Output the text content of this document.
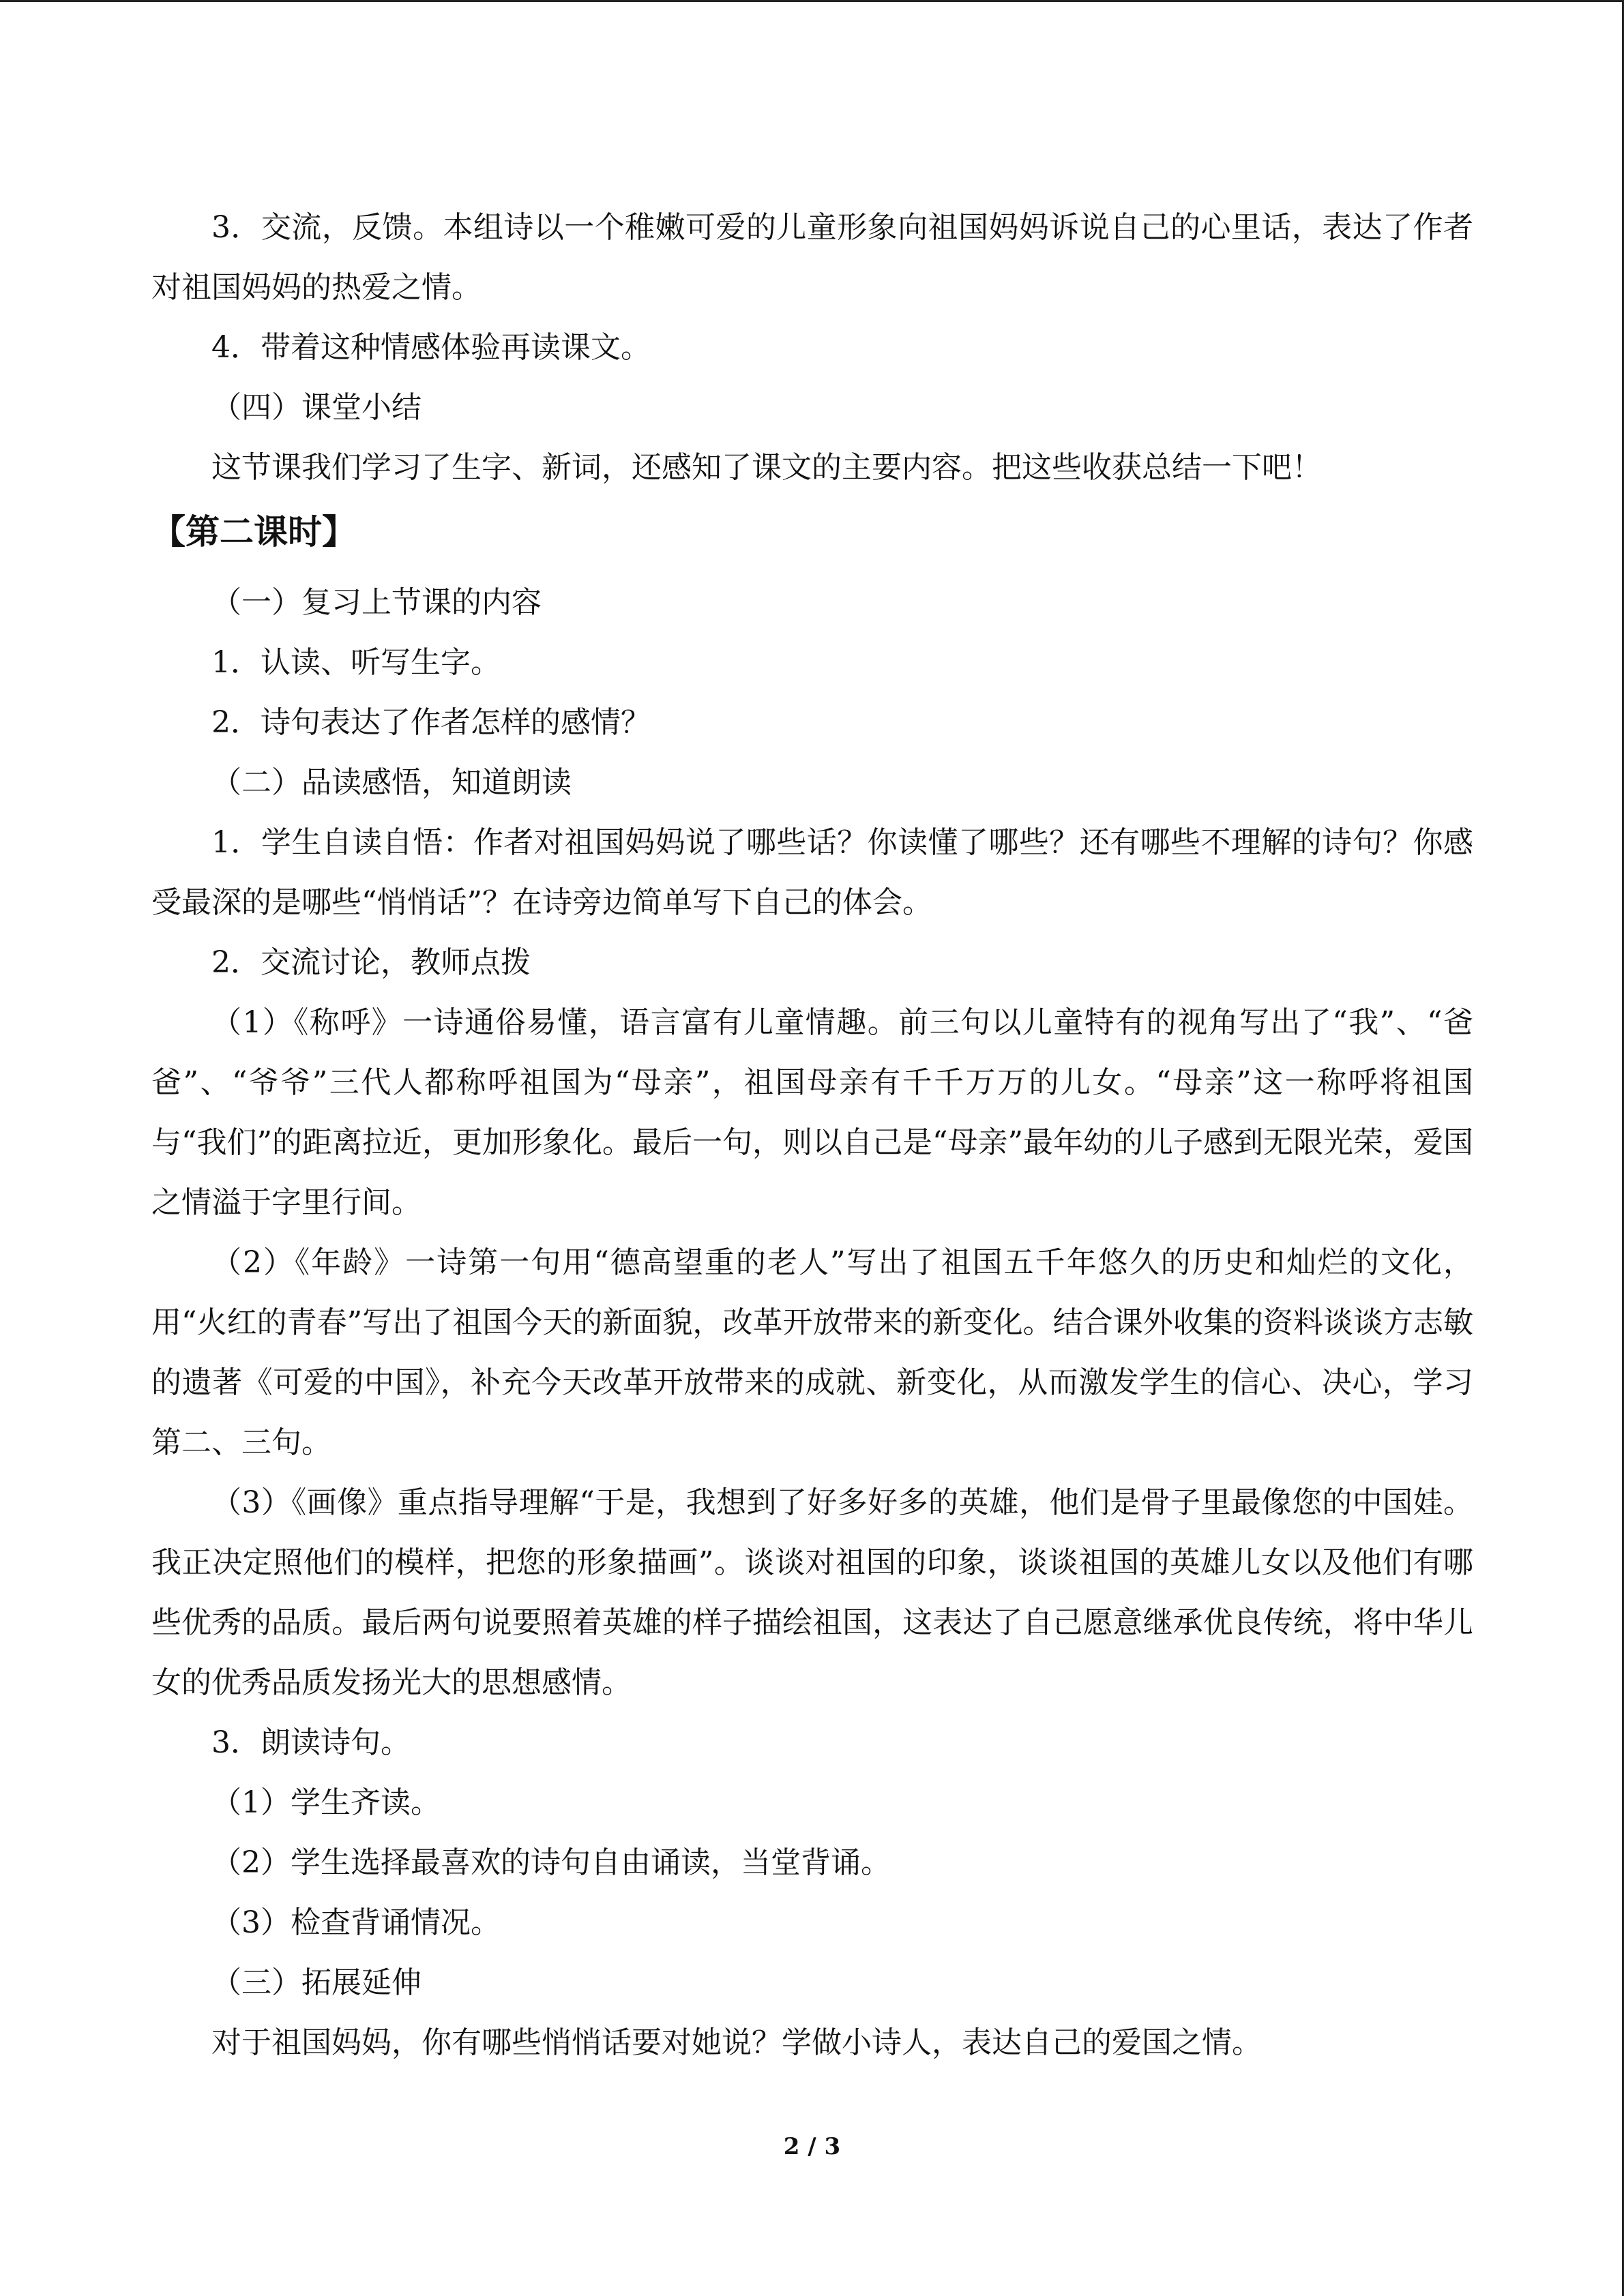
3．交流，反馈。本组诗以一个稚嫩可爱的儿童形象向祖国妈妈诉说自己的心里话，表达了作者对祖国妈妈的热爱之情。

4．带着这种情感体验再读课文。

（四）课堂小结

这节课我们学习了生字、新词，还感知了课文的主要内容。把这些收获总结一下吧！

【第二课时】

（一）复习上节课的内容

1．认读、听写生字。

2．诗句表达了作者怎样的感情？

（二）品读感悟，知道朗读

1．学生自读自悟：作者对祖国妈妈说了哪些话？你读懂了哪些？还有哪些不理解的诗句？你感受最深的是哪些“悄悄话”？在诗旁边简单写下自己的体会。

2．交流讨论，教师点拨

（1）《称呼》一诗通俗易懂，语言富有儿童情趣。前三句以儿童特有的视角写出了“我”、“爸爸”、“爷爷”三代人都称呼祖国为“母亲”，祖国母亲有千千万万的儿女。“母亲”这一称呼将祖国与“我们”的距离拉近，更加形象化。最后一句，则以自己是“母亲”最年幼的儿子感到无限光荣，爱国之情溢于字里行间。

（2）《年龄》一诗第一句用“德高望重的老人”写出了祖国五千年悠久的历史和灿烂的文化，用“火红的青春”写出了祖国今天的新面貌，改革开放带来的新变化。结合课外收集的资料谈谈方志敏的遗著《可爱的中国》，补充今天改革开放带来的成就、新变化，从而激发学生的信心、决心，学习第二、三句。

（3）《画像》重点指导理解“于是，我想到了好多好多的英雄，他们是骨子里最像您的中国娃。我正决定照他们的模样，把您的形象描画”。谈谈对祖国的印象，谈谈祖国的英雄儿女以及他们有哪些优秀的品质。最后两句说要照着英雄的样子描绘祖国，这表达了自己愿意继承优良传统，将中华儿女的优秀品质发扬光大的思想感情。

3．朗读诗句。

（1）学生齐读。

（2）学生选择最喜欢的诗句自由诵读，当堂背诵。

（3）检查背诵情况。

（三）拓展延伸

对于祖国妈妈，你有哪些悄悄话要对她说？学做小诗人，表达自己的爱国之情。

2 / 3
